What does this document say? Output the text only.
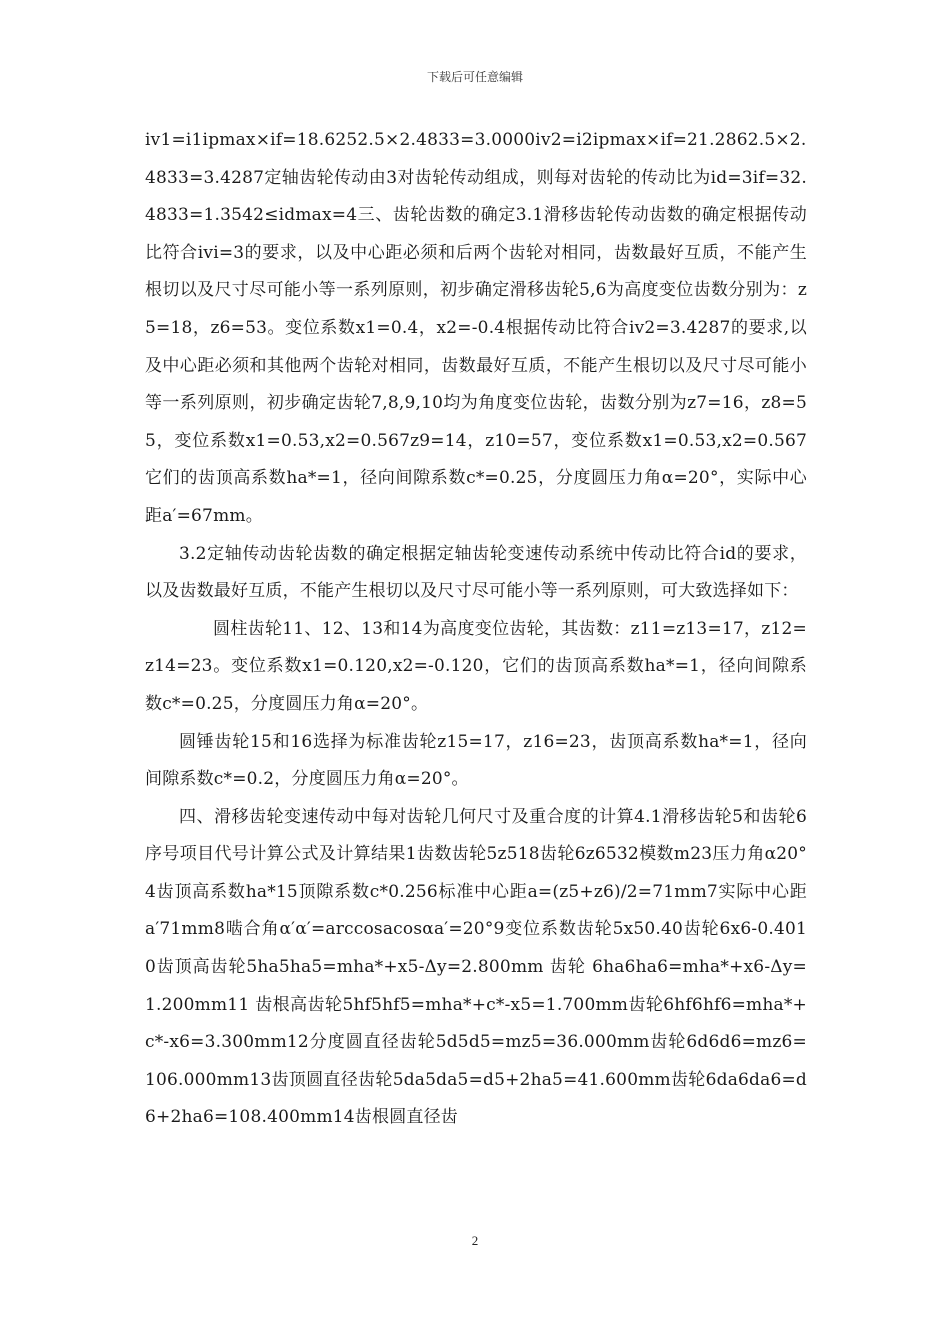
下载后可任意编辑

iv1=i1ipmax×if=18.6252.5×2.4833=3.0000iv2=i2ipmax×if=21.2862.5×2.4833=3.4287定轴齿轮传动由3对齿轮传动组成，则每对齿轮的传动比为id=3if=32.4833=1.3542≤idmax=4三、齿轮齿数的确定3.1滑移齿轮传动齿数的确定根据传动比符合ivi=3的要求，以及中心距必须和后两个齿轮对相同，齿数最好互质，不能产生根切以及尺寸尽可能小等一系列原则，初步确定滑移齿轮5,6为高度变位齿数分别为：z5=18，z6=53。变位系数x1=0.4，x2=-0.4根据传动比符合iv2=3.4287的要求,以及中心距必须和其他两个齿轮对相同，齿数最好互质，不能产生根切以及尺寸尽可能小等一系列原则，初步确定齿轮7,8,9,10均为角度变位齿轮，齿数分别为z7=16，z8=55，变位系数x1=0.53,x2=0.567z9=14，z10=57，变位系数x1=0.53,x2=0.567它们的齿顶高系数ha*=1，径向间隙系数c*=0.25，分度圆压力角α=20°，实际中心距a′=67mm。

3.2定轴传动齿轮齿数的确定根据定轴齿轮变速传动系统中传动比符合id的要求，以及齿数最好互质，不能产生根切以及尺寸尽可能小等一系列原则，可大致选择如下：

圆柱齿轮11、12、13和14为高度变位齿轮，其齿数：z11=z13=17，z12=z14=23。变位系数x1=0.120,x2=-0.120，它们的齿顶高系数ha*=1，径向间隙系数c*=0.25，分度圆压力角α=20°。

圆锤齿轮15和16选择为标准齿轮z15=17，z16=23，齿顶高系数ha*=1，径向间隙系数c*=0.2，分度圆压力角α=20°。

四、滑移齿轮变速传动中每对齿轮几何尺寸及重合度的计算4.1滑移齿轮5和齿轮6序号项目代号计算公式及计算结果1齿数齿轮5z518齿轮6z6532模数m23压力角α20°4齿顶高系数ha*15顶隙系数c*0.256标准中心距a=(z5+z6)/2=71mm7实际中心距a′71mm8啮合角α′α′=arccosacosαa′=20°9变位系数齿轮5x50.40齿轮6x6-0.4010齿顶高齿轮5ha5ha5=mha*+x5-Δy=2.800mm 齿轮 6ha6ha6=mha*+x6-Δy=1.200mm11 齿根高齿轮5hf5hf5=mha*+c*-x5=1.700mm齿轮6hf6hf6=mha*+c*-x6=3.300mm12分度圆直径齿轮5d5d5=mz5=36.000mm齿轮6d6d6=mz6=106.000mm13齿顶圆直径齿轮5da5da5=d5+2ha5=41.600mm齿轮6da6da6=d6+2ha6=108.400mm14齿根圆直径齿

2
